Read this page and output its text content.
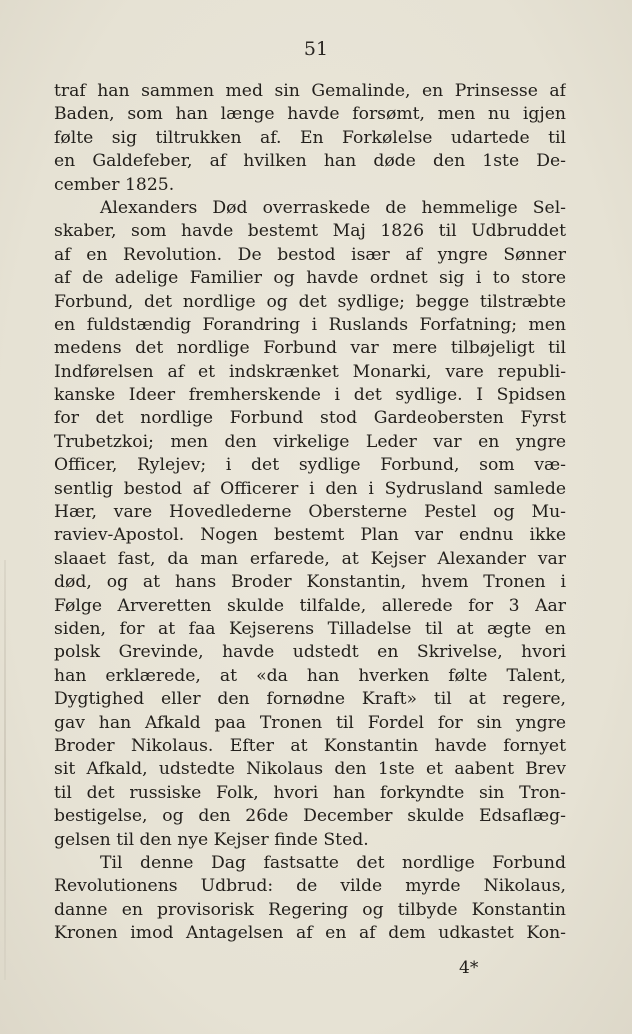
51
traf han sammen med sin Gemalinde, en Prinsesse af
Baden, som han længe havde forsømt, men nu igjen
følte sig tiltrukken af. En Forkølelse udartede til
en Galdefeber, af hvilken han døde den 1ste De-
cember 1825.
Alexanders Død overraskede de hemmelige Sel-
skaber, som havde bestemt Maj 1826 til Udbruddet
af en Revolution. De bestod især af yngre Sønner
af de adelige Familier og havde ordnet sig i to store
Forbund, det nordlige og det sydlige; begge tilstræbte
en fuldstændig Forandring i Ruslands Forfatning; men
medens det nordlige Forbund var mere tilbøjeligt til
Indførelsen af et indskrænket Monarki, vare republi-
kanske Ideer fremherskende i det sydlige. I Spidsen
for det nordlige Forbund stod Gardeobersten Fyrst
Trubetzkoi; men den virkelige Leder var en yngre
Officer, Rylejev; i det sydlige Forbund, som væ-
sentlig bestod af Officerer i den i Sydrusland samlede
Hær, vare Hovedlederne Obersterne Pestel og Mu-
raviev-Apostol. Nogen bestemt Plan var endnu ikke
slaaet fast, da man erfarede, at Kejser Alexander var
død, og at hans Broder Konstantin, hvem Tronen i
Følge Arveretten skulde tilfalde, allerede for 3 Aar
siden, for at faa Kejserens Tilladelse til at ægte en
polsk Grevinde, havde udstedt en Skrivelse, hvori
han erklærede, at «da han hverken følte Talent,
Dygtighed eller den fornødne Kraft» til at regere,
gav han Afkald paa Tronen til Fordel for sin yngre
Broder Nikolaus. Efter at Konstantin havde fornyet
sit Afkald, udstedte Nikolaus den 1ste et aabent Brev
til det russiske Folk, hvori han forkyndte sin Tron-
bestigelse, og den 26de December skulde Edsaflæg-
gelsen til den nye Kejser finde Sted.
Til denne Dag fastsatte det nordlige Forbund
Revolutionens Udbrud: de vilde myrde Nikolaus,
danne en provisorisk Regering og tilbyde Konstantin
Kronen imod Antagelsen af en af dem udkastet Kon-
4*
